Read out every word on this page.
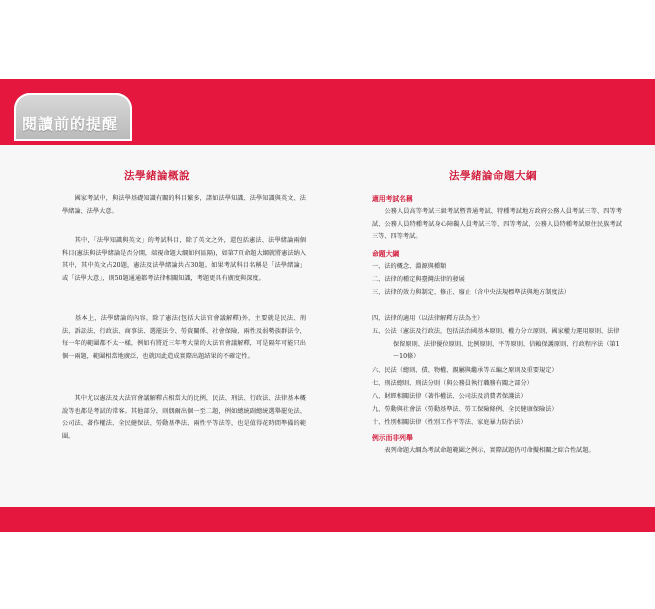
閱讀前的提醒
法學緒論概說

　　國家考試中，與法學基礎知識有關的科目繁多，諸如法學知識、法學知識與英文、法學緒論、法學大意。

　　其中，「法學知識與英文」的考試科目，除了英文之外，還包括憲法、法學緒論兩個科目(憲法與法學緒論是否分開，端視命題大綱如何區隔)，如第7頁命題大綱就將憲法納入其中，其中英文占20題，憲法及法學緒論共占30題。如果考試科目名稱是「法學緒論」或「法學大意」，則50題通通都考法律相關知識，考題更具有廣度與深度。

　　基本上，法學緒論的內容，除了憲法(包括大法官會議解釋)外，主要就是民法、刑法、訴訟法、行政法、商事法、選罷法令、勞資關係、社會保險、兩性及弱勢族群法令，每一年的範圍都不太一樣，例如有將近三年考大量的大法官會議解釋，可是隔年可能只出個一兩題，範圍相當地廣泛，也就因此造成實際出題結果的不確定性。

　　其中尤以憲法及大法官會議解釋占相當大的比例，民法、刑法、行政法、法律基本概說等也都是考試的常客。其他部分，則偶爾出個一至二題，例如總統副總統選舉罷免法、公司法、著作權法、全民健保法、勞動基準法、兩性平等法等，也是值得花時間準備的範圍。

法學緒論命題大綱
適用考試名稱

　　公務人員高等考試三級考試暨普通考試、特種考試地方政府公務人員考試三等、四等考試、公務人員特種考試身心障礙人員考試三等、四等考試、公務人員特種考試原住民族考試三等、四等考試。

命題大綱

一、法的概念、淵源與種類

二、法律的種定與臺灣法律的發展

三、法律的效力與制定、修正、廢止（含中央法規標準法與地方制度法）

四、法律的適用（以法律解釋方法為主）

五、公法（憲法及行政法，包括法治國基本原則、權力分立原則、國家權力運用原則、法律保留原則、法律優位原則、比例原則、平等原則、信賴保護原則、行政程序法（第1～10條）

六、民法（總則、債、物權、親屬與繼承等五編之原則及重要規定）

七、刑法總則、刑法分則（與公務員執行職務有關之部分）

八、財經相關法律（著作權法、公司法及消費者保護法）

九、勞動與社會法（勞動基準法、勞工保險條例、全民健康保險法）

十、性別相關法律（性別工作平等法、家庭暴力防治法）

例示而非列舉

　　表列命題大綱為考試命題範圍之例示，實際試題仍可命擬相關之綜合性試題。
